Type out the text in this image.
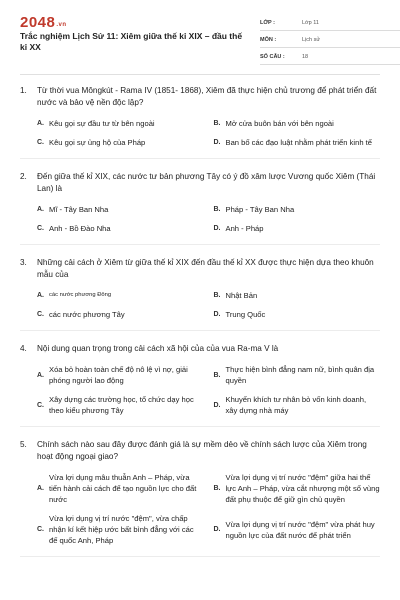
2048.vn
Trắc nghiệm Lịch Sử 11: Xiêm giữa thế kỉ XIX – đầu thế kỉ XX
LỚP :	Lớp 11
MÔN :	Lịch sử
SỐ CÂU :	18
1.	Từ thời vua Môngkút - Rama IV (1851- 1868), Xiêm đã thực hiện chủ trương để phát triển đất nước và bảo vệ nền độc lập?
A. Kêu gọi sự đầu tư từ bên ngoài	B. Mở cửa buôn bán với bên ngoài
C. Kêu gọi sự ủng hộ của Pháp	D. Ban bố các đạo luật nhằm phát triển kinh tế
2.	Đến giữa thế kỉ XIX, các nước tư bản phương Tây có ý đồ xâm lược Vương quốc Xiêm (Thái Lan) là
A. Mĩ - Tây Ban Nha	B. Pháp - Tây Ban Nha
C. Anh - Bồ Đào Nha	D. Anh - Pháp
3.	Những cải cách ở Xiêm từ giữa thế kỉ XIX đến đầu thế kỉ XX được thực hiện dựa theo khuôn mẫu của
A. các nước phương Đông	B. Nhật Bản
C. các nước phương Tây	D. Trung Quốc
4.	Nội dung quan trọng trong cải cách xã hội của của vua Ra-ma V là
A.
Xóa bỏ hoàn toàn chế độ nô lệ vì nợ, giải phóng người lao động
B.
Thực hiện bình đẳng nam nữ, bình quân địa quyền
C.
Xây dựng các trường học, tổ chức dạy học theo kiểu phương Tây
D.
Khuyến khích tư nhân bỏ vốn kinh doanh, xây dựng nhà máy
5.	Chính sách nào sau đây được đánh giá là sự mềm dẻo về chính sách lược của Xiêm trong hoạt động ngoại giao?
A.
Vừa lợi dụng mâu thuẫn Anh – Pháp, vừa tiến hành cải cách để tạo nguồn lực cho đất nước
B.
Vừa lợi dụng vị trí nước "đệm" giữa hai thế lực Anh – Pháp, vừa cắt nhượng một số vùng đất phụ thuộc để giữ gìn chủ quyền
C.
Vừa lợi dụng vị trí nước "đệm", vừa chấp nhận kí kết hiệp ước bất bình đẳng với các đế quốc Anh, Pháp
D.
Vừa lợi dụng vị trí nước "đệm" vừa phát huy nguồn lực của đất nước để phát triển
